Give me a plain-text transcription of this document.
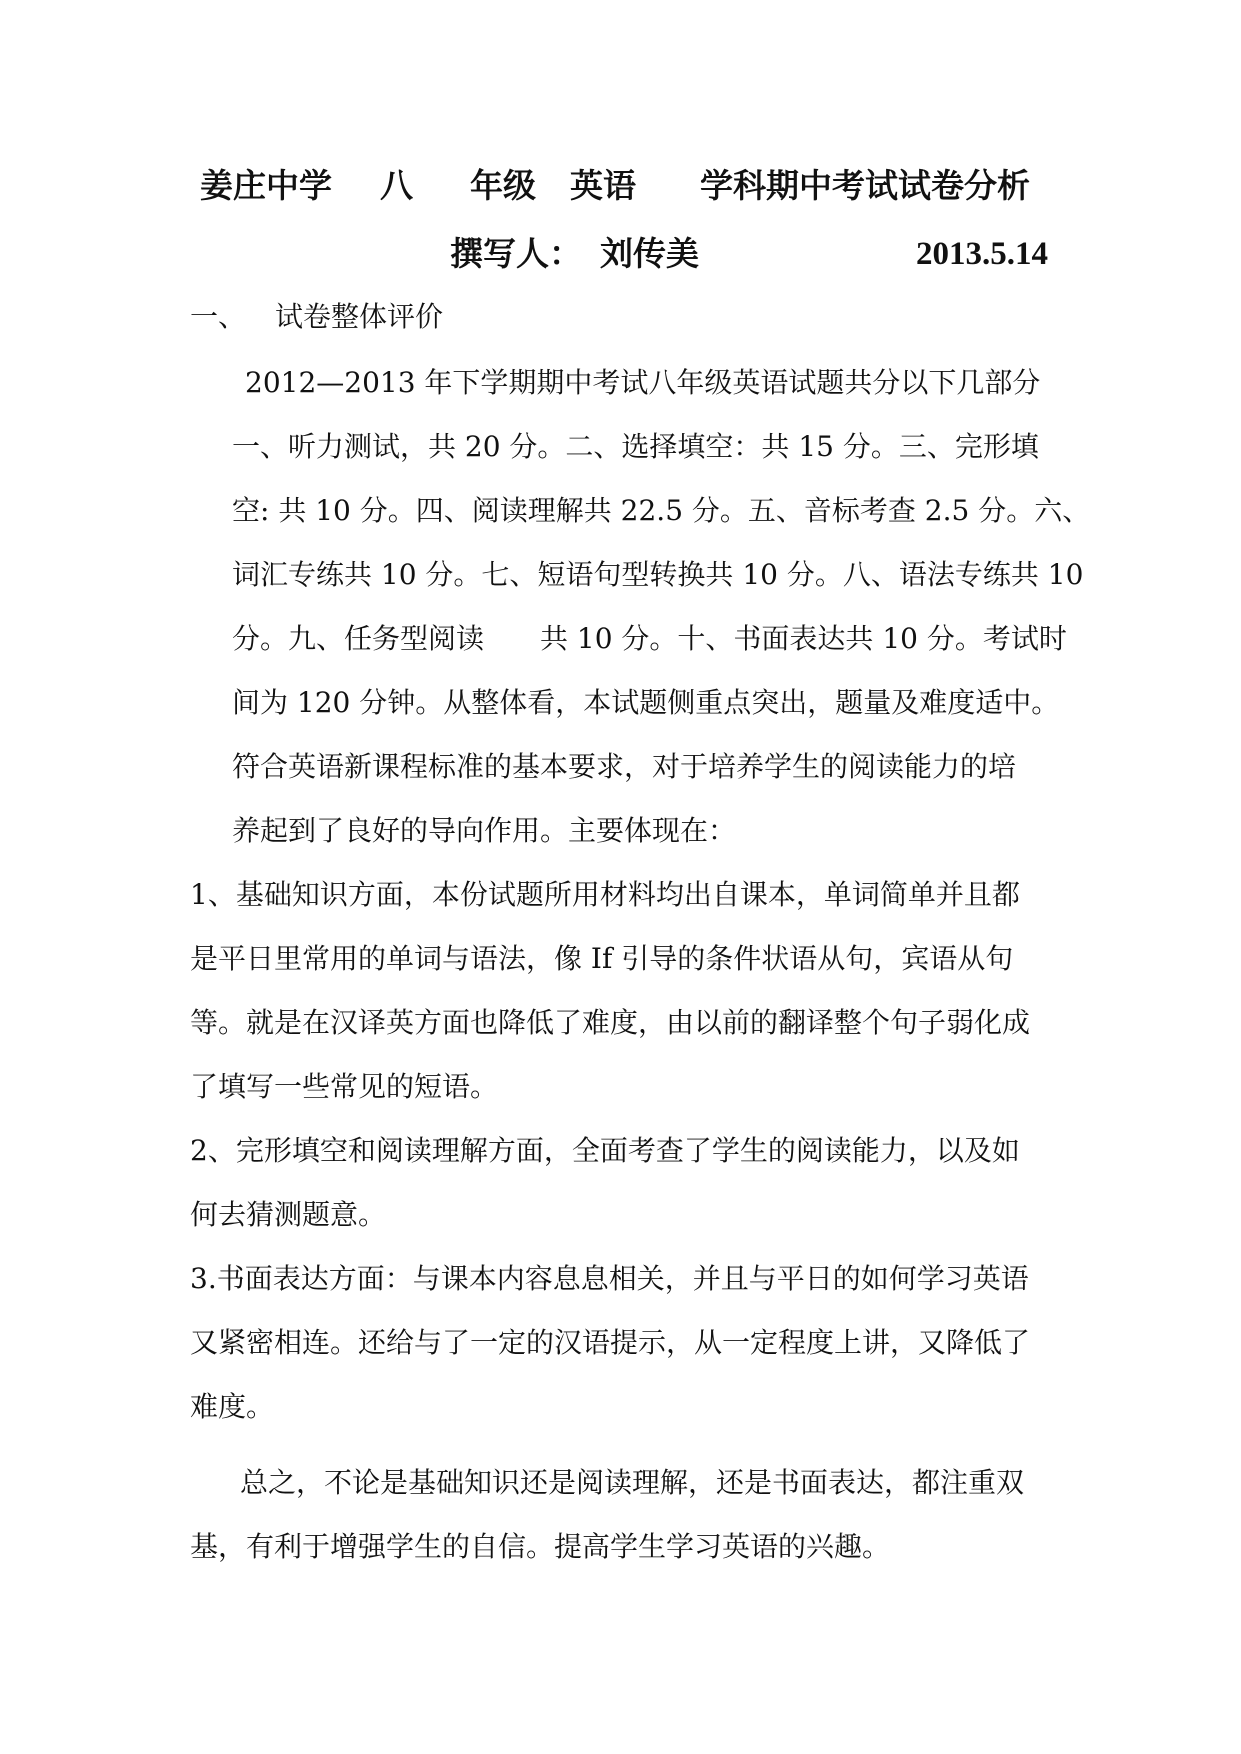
姜庄中学 八 年级 英语 学科期中考试试卷分析
撰写人： 刘传美	2013.5.14
一、 试卷整体评价
2012—2013 年下学期期中考试八年级英语试题共分以下几部分
一、听力测试，共 20 分。二、选择填空：共 15 分。三、完形填
空: 共 10 分。四、阅读理解共 22.5 分。五、音标考查 2.5 分。六、
词汇专练共 10 分。七、短语句型转换共 10 分。八、语法专练共 10
分。九、任务型阅读　　共 10 分。十、书面表达共 10 分。考试时
间为 120 分钟。从整体看，本试题侧重点突出，题量及难度适中。
符合英语新课程标准的基本要求，对于培养学生的阅读能力的培
养起到了良好的导向作用。主要体现在：
1、基础知识方面，本份试题所用材料均出自课本，单词简单并且都
是平日里常用的单词与语法，像 If 引导的条件状语从句，宾语从句
等。就是在汉译英方面也降低了难度，由以前的翻译整个句子弱化成
了填写一些常见的短语。
2、完形填空和阅读理解方面，全面考查了学生的阅读能力，以及如
何去猜测题意。
3.书面表达方面：与课本内容息息相关，并且与平日的如何学习英语
又紧密相连。还给与了一定的汉语提示，从一定程度上讲，又降低了
难度。
总之，不论是基础知识还是阅读理解，还是书面表达，都注重双
基，有利于增强学生的自信。提高学生学习英语的兴趣。
